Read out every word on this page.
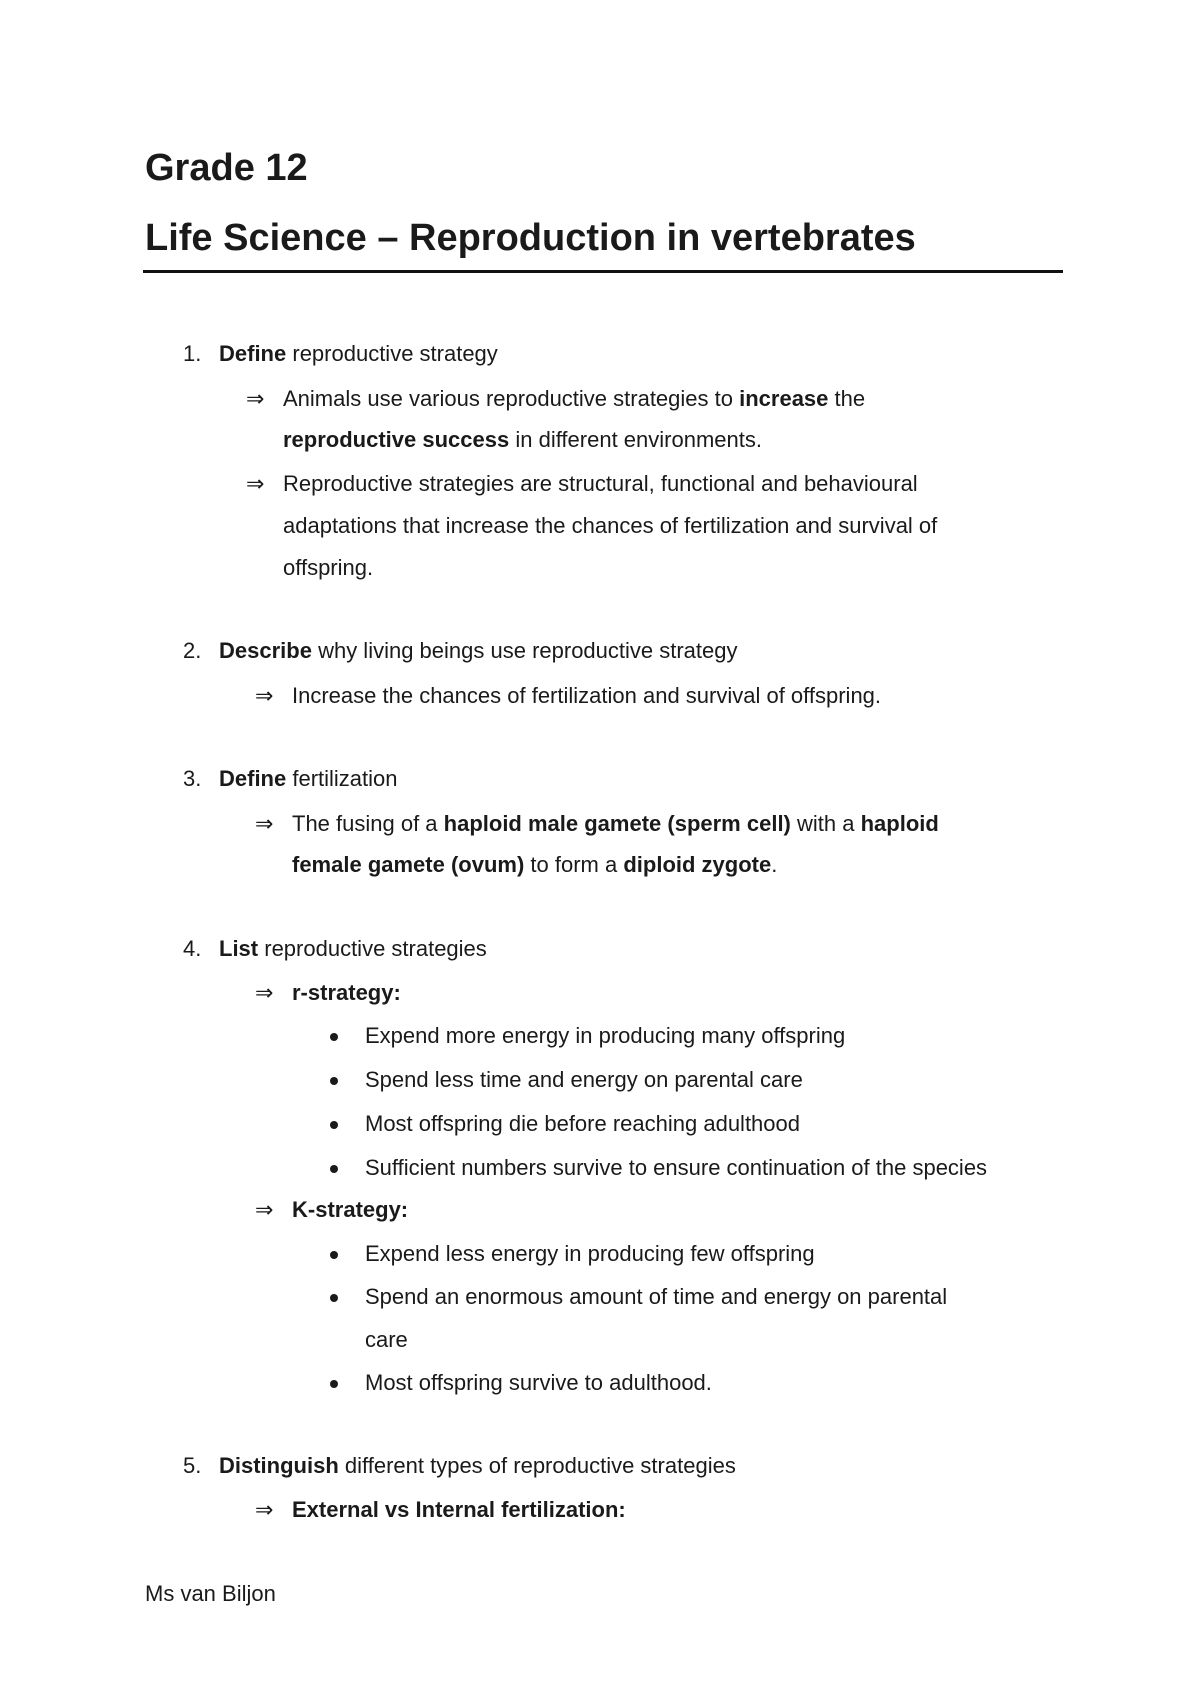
Grade 12
Life Science – Reproduction in vertebrates
1. Define reproductive strategy
⇒ Animals use various reproductive strategies to increase the
reproductive success in different environments.
⇒ Reproductive strategies are structural, functional and behavioural
adaptations that increase the chances of fertilization and survival of
offspring.
2. Describe why living beings use reproductive strategy
⇒ Increase the chances of fertilization and survival of offspring.
3. Define fertilization
⇒ The fusing of a haploid male gamete (sperm cell) with a haploid
female gamete (ovum) to form a diploid zygote.
4. List reproductive strategies
⇒ r-strategy:
Expend more energy in producing many offspring
Spend less time and energy on parental care
Most offspring die before reaching adulthood
Sufficient numbers survive to ensure continuation of the species
⇒ K-strategy:
Expend less energy in producing few offspring
Spend an enormous amount of time and energy on parental
care
Most offspring survive to adulthood.
5. Distinguish different types of reproductive strategies
⇒ External vs Internal fertilization:
Ms van Biljon
